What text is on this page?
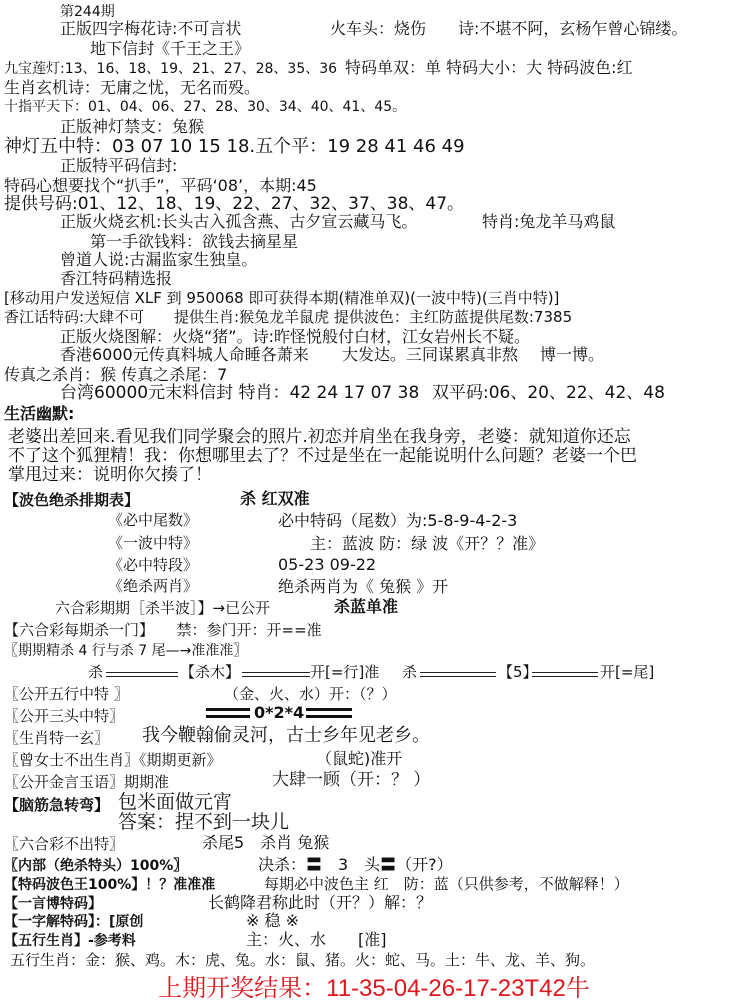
第244期
正版四字梅花诗:不可言状	火车头：烧伤 诗:不堪不阿，玄杨乍曾心锦缕。
地下信封《千王之王》
九宝莲灯:13、16、18、19、21、27、28、35、36 特码单双：单 特码大小：大 特码波色:红
生肖玄机诗：无庸之忧，无名而殁。
十指平天下：01、04、06、27、28、30、34、40、41、45。
正版神灯禁支：兔猴
神灯五中特：03 07 10 15 18.五个平：19 28 41 46 49
正版特平码信封:
特码心想要找个“扒手”，平码‘08’，本期:45
提供号码:01、12、18、19、22、27、32、37、38、47。
正版火烧玄机:长头古入孤含燕、古夕宣云藏马飞。	特肖:兔龙羊马鸡鼠
第一手欲钱料：欲钱去摘星星
曾道人说:古漏监家生独皇。
香江特码精选报
[移动用户发送短信 XLF 到 950068 即可获得本期(精准单双)(一波中特)(三肖中特)]
香江话特码:大肆不可　　提供生肖:猴兔龙羊鼠虎 提供波色：主红防蓝提供尾数:7385
正版火烧图解：火烧“猪”。诗:昨怪悦般付白材，江女岩州长不疑。
香港6000元传真料城人命睡各萧来 大发达。三同谋累真非熬 博一博。
传真之杀肖：猴 传真之杀尾：7
台湾60000元末料信封 特肖：42 24 17 07 38 双平码:06、20、22、42、48
生活幽默:
老婆出差回来.看见我们同学聚会的照片.初恋并肩坐在我身旁，老婆：就知道你还忘
不了这个狐狸精！我：你想哪里去了？不过是坐在一起能说明什么问题？老婆一个巴
掌甩过来：说明你欠揍了！
【波色绝杀排期表】	杀 红双准
《必中尾数》	必中特码（尾数）为:5-8-9-4-2-3
《一波中特》	主：蓝波 防：绿 波《开？？准》
《必中特段》	05-23 09-22
《绝杀两肖》	绝杀两肖为《 兔猴 》开
六合彩期期［杀半波］】→已公开	杀蓝单准
【六合彩每期杀一门】　　禁：参门开：开==准
〖期期精杀 4 行与杀 7 尾—→准准准〗
杀	【杀木】	开[=行]准 杀	【5】	开[=尾]
〖公开五行中特 〗	（金、火、水）开：（？）
〖公开三头中特〗	0*2*4
〖生肖特一玄〗 我今鞭翰偷灵河，古士乡年见老乡。
〖曾女士不出生肖〗《期期更新》	（鼠蛇)准开
〖公开金言玉语〗期期准	大肆一顾（开：？ ）
【脑筋急转弯】 包米面做元宵
答案：捏不到一块儿
〖六合彩不出特〗	杀尾5　杀肖 兔猴
〖内部（绝杀特头）100%〗	决杀：〓　3　头〓（开?）
【特码波色王100%】！？准准准	每期必中波色主 红　防：蓝（只供参考，不做解释！）
【一言博特码】	长鹤降君称此时（开？）解：？
【一字解特码】：[原创	※ 稳 ※
【五行生肖】-参考料	主：火、水　　[准]
五行生肖：金：猴、鸡。木：虎、兔。水：鼠、猪。火：蛇、马。土：牛、龙、羊、狗。
上期开奖结果：11-35-04-26-17-23T42牛
